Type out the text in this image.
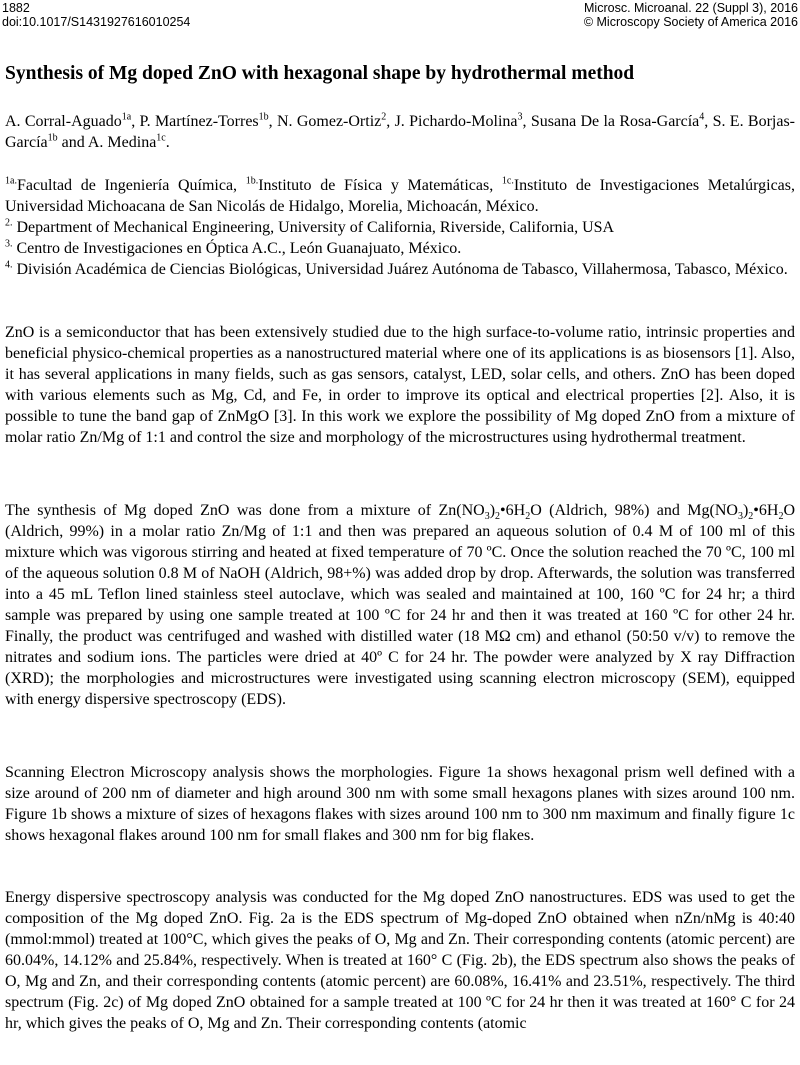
1882	Microsc. Microanal. 22 (Suppl 3), 2016
doi:10.1017/S1431927616010254	© Microscopy Society of America 2016
Synthesis of Mg doped ZnO with hexagonal shape by hydrothermal method
A. Corral-Aguado$^{1a}$, P. Martínez-Torres$^{1b}$, N. Gomez-Ortiz$^2$, J. Pichardo-Molina$^3$, Susana De la Rosa-García$^4$, S. E. Borjas-García$^{1b}$ and A. Medina$^{1c}$.
$^{1a.}$Facultad de Ingeniería Química, $^{1b.}$Instituto de Física y Matemáticas, $^{1c.}$Instituto de Investigaciones Metalúrgicas, Universidad Michoacana de San Nicolás de Hidalgo, Morelia, Michoacán, México.
$^{2.}$ Department of Mechanical Engineering, University of California, Riverside, California, USA
$^{3.}$ Centro de Investigaciones en Óptica A.C., León Guanajuato, México.
$^{4.}$ División Académica de Ciencias Biológicas, Universidad Juárez Autónoma de Tabasco, Villahermosa, Tabasco, México.

ZnO is a semiconductor that has been extensively studied due to the high surface-to-volume ratio, intrinsic properties and beneficial physico-chemical properties as a nanostructured material where one of its applications is as biosensors [1]. Also, it has several applications in many fields, such as gas sensors, catalyst, LED, solar cells, and others. ZnO has been doped with various elements such as Mg, Cd, and Fe, in order to improve its optical and electrical properties [2]. Also, it is possible to tune the band gap of ZnMgO [3]. In this work we explore the possibility of Mg doped ZnO from a mixture of molar ratio Zn/Mg of 1:1 and control the size and morphology of the microstructures using hydrothermal treatment.

The synthesis of Mg doped ZnO was done from a mixture of $Zn(NO_3)_2•6H_2O$ (Aldrich, 98%) and $Mg(NO_3)_2•6H_2O$ (Aldrich, 99%) in a molar ratio Zn/Mg of 1:1 and then was prepared an aqueous solution of 0.4 M of 100 ml of this mixture which was vigorous stirring and heated at fixed temperature of 70 ºC. Once the solution reached the 70 ºC, 100 ml of the aqueous solution 0.8 M of NaOH (Aldrich, 98+%) was added drop by drop. Afterwards, the solution was transferred into a 45 mL Teflon lined stainless steel autoclave, which was sealed and maintained at 100, 160 ºC for 24 hr; a third sample was prepared by using one sample treated at 100 ºC for 24 hr and then it was treated at 160 ºC for other 24 hr. Finally, the product was centrifuged and washed with distilled water (18 MΩ cm) and ethanol (50:50 v/v) to remove the nitrates and sodium ions. The particles were dried at 40º C for 24 hr. The powder were analyzed by X ray Diffraction (XRD); the morphologies and microstructures were investigated using scanning electron microscopy (SEM), equipped with energy dispersive spectroscopy (EDS).

Scanning Electron Microscopy analysis shows the morphologies. Figure 1a shows hexagonal prism well defined with a size around of 200 nm of diameter and high around 300 nm with some small hexagons planes with sizes around 100 nm. Figure 1b shows a mixture of sizes of hexagons flakes with sizes around 100 nm to 300 nm maximum and finally figure 1c shows hexagonal flakes around 100 nm for small flakes and 300 nm for big flakes.

Energy dispersive spectroscopy analysis was conducted for the Mg doped ZnO nanostructures. EDS was used to get the composition of the Mg doped ZnO. Fig. 2a is the EDS spectrum of Mg-doped ZnO obtained when nZn/nMg is 40:40 (mmol:mmol) treated at 100°C, which gives the peaks of O, Mg and Zn. Their corresponding contents (atomic percent) are 60.04%, 14.12% and 25.84%, respectively. When is treated at 160° C (Fig. 2b), the EDS spectrum also shows the peaks of O, Mg and Zn, and their corresponding contents (atomic percent) are 60.08%, 16.41% and 23.51%, respectively. The third spectrum (Fig. 2c) of Mg doped ZnO obtained for a sample treated at 100 ºC for 24 hr then it was treated at 160° C for 24 hr, which gives the peaks of O, Mg and Zn. Their corresponding contents (atomic
